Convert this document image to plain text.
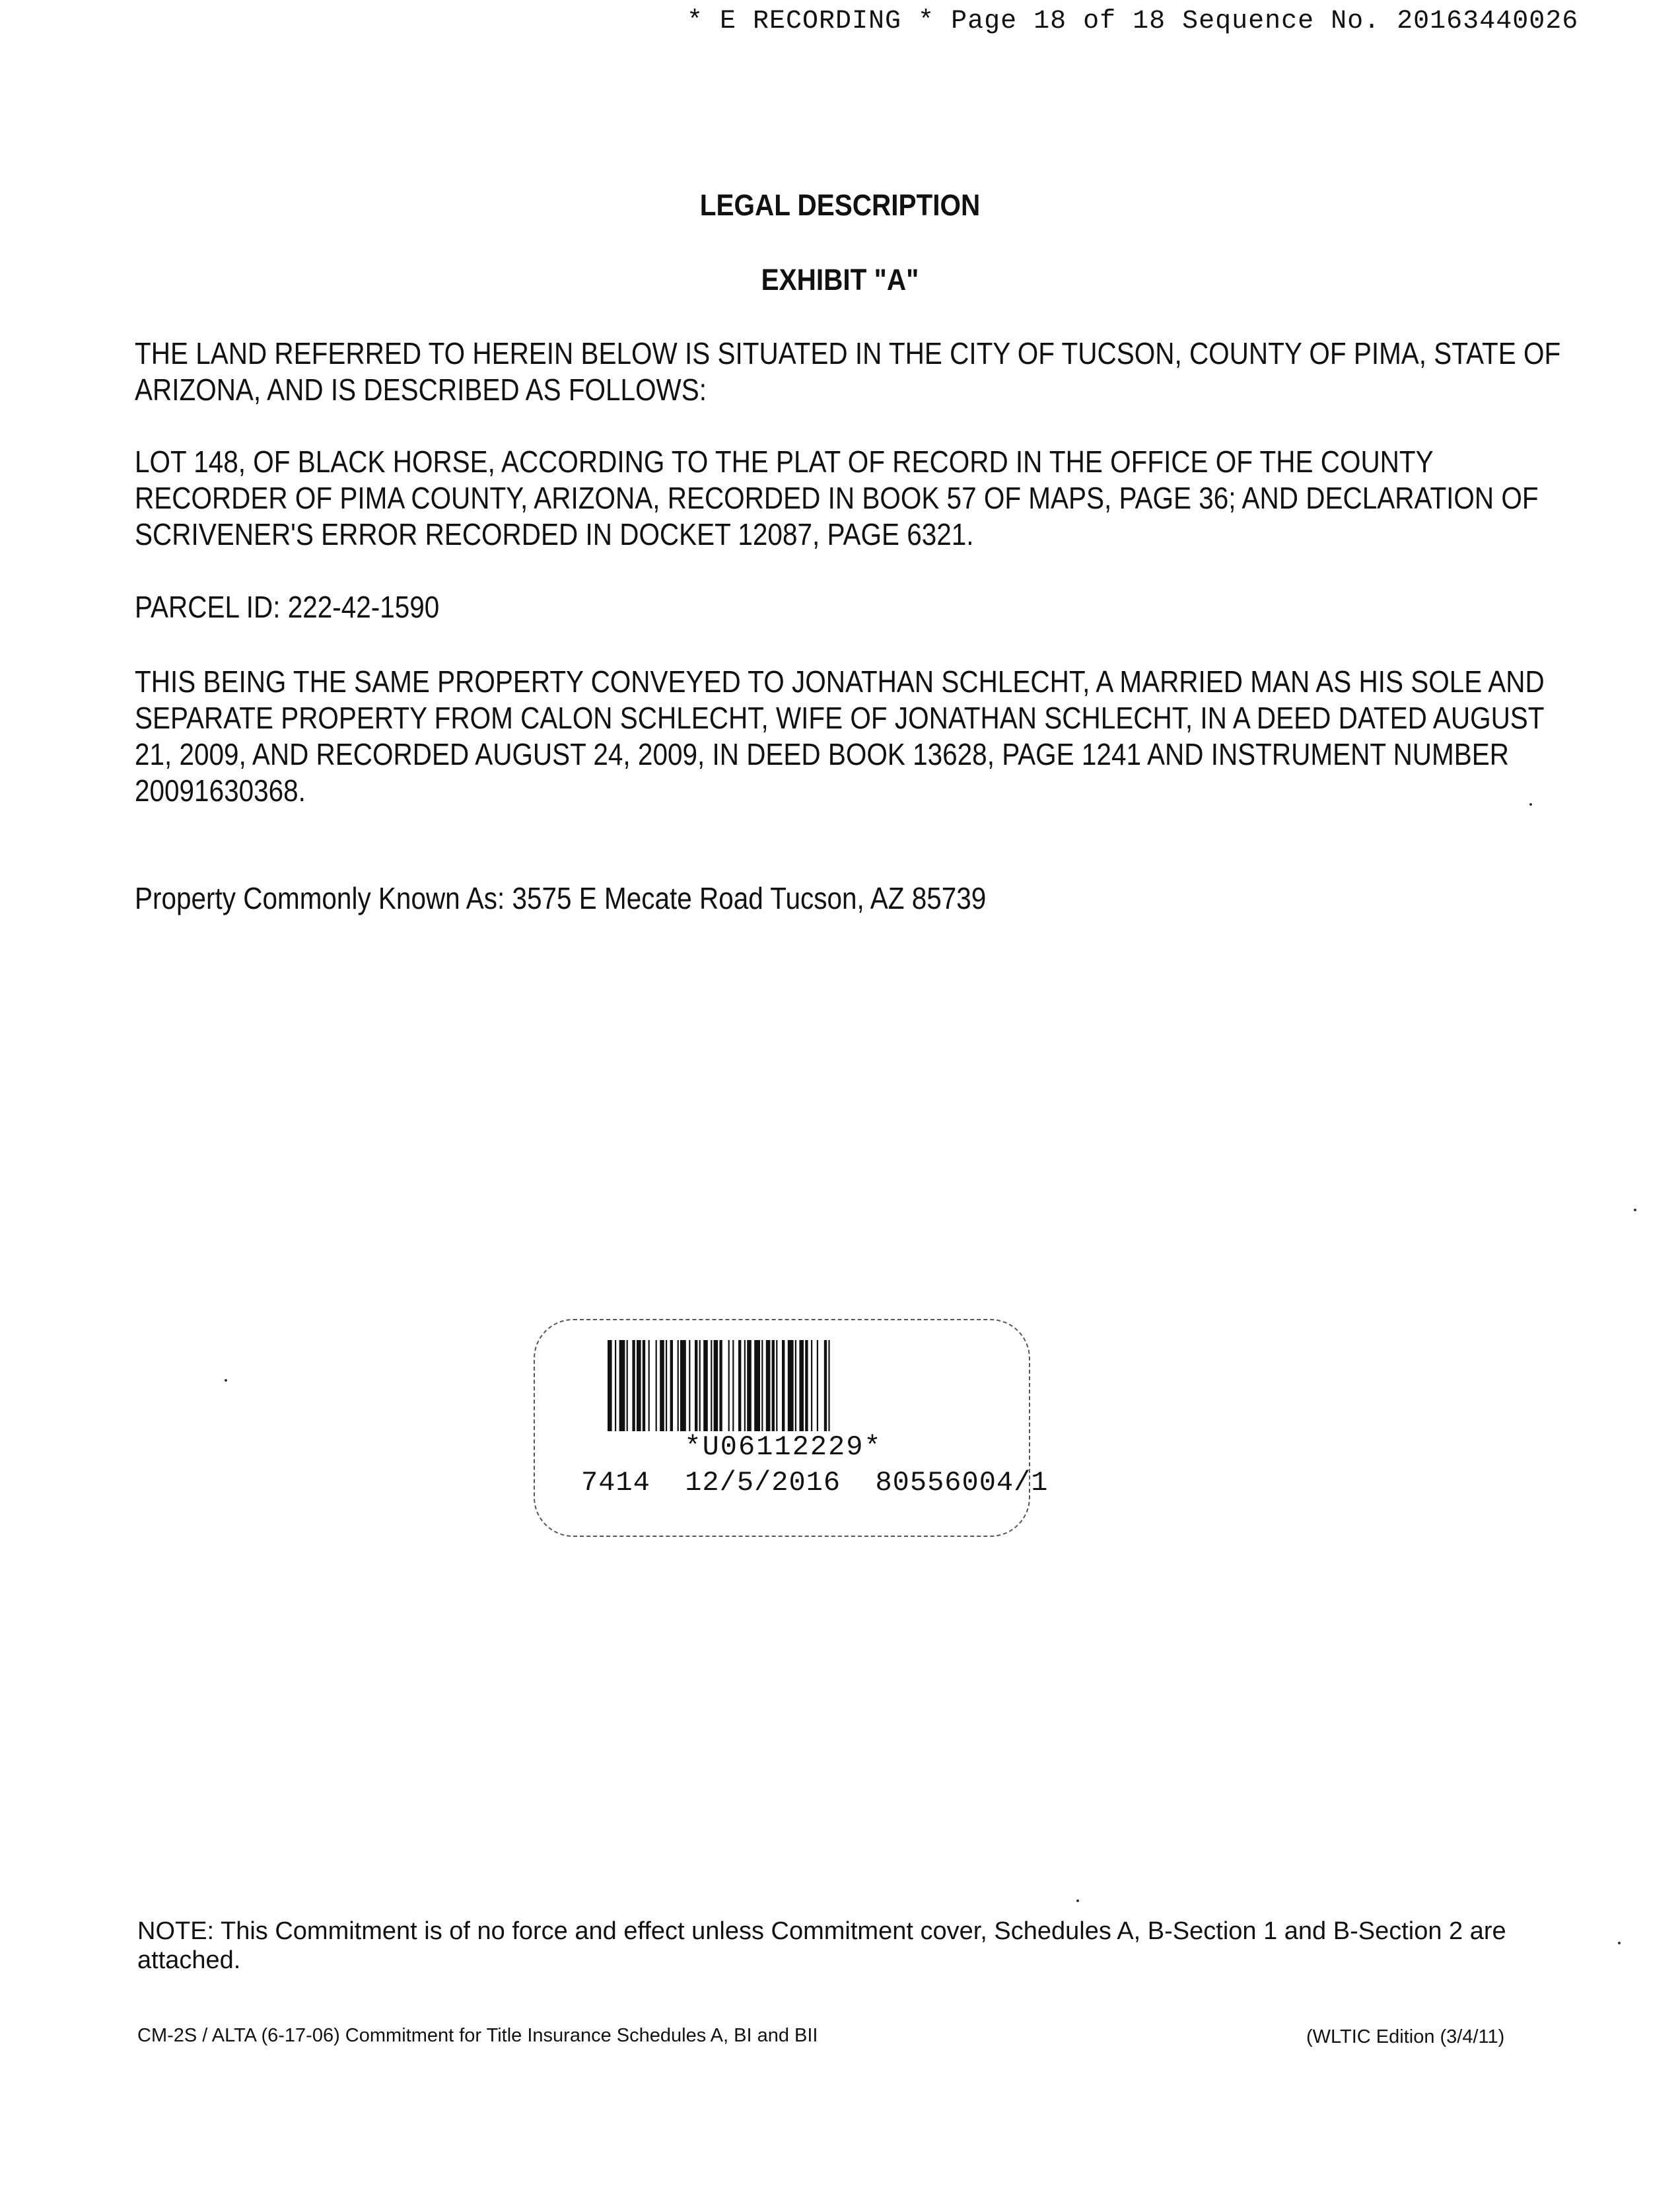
* E RECORDING * Page 18 of 18 Sequence No. 20163440026
LEGAL DESCRIPTION
EXHIBIT "A"

THE LAND REFERRED TO HEREIN BELOW IS SITUATED IN THE CITY OF TUCSON, COUNTY OF PIMA, STATE OF ARIZONA, AND IS DESCRIBED AS FOLLOWS:

LOT 148, OF BLACK HORSE, ACCORDING TO THE PLAT OF RECORD IN THE OFFICE OF THE COUNTY RECORDER OF PIMA COUNTY, ARIZONA, RECORDED IN BOOK 57 OF MAPS, PAGE 36; AND DECLARATION OF SCRIVENER'S ERROR RECORDED IN DOCKET 12087, PAGE 6321.

PARCEL ID: 222-42-1590

THIS BEING THE SAME PROPERTY CONVEYED TO JONATHAN SCHLECHT, A MARRIED MAN AS HIS SOLE AND SEPARATE PROPERTY FROM CALON SCHLECHT, WIFE OF JONATHAN SCHLECHT, IN A DEED DATED AUGUST 21, 2009, AND RECORDED AUGUST 24, 2009, IN DEED BOOK 13628, PAGE 1241 AND INSTRUMENT NUMBER 20091630368.

Property Commonly Known As: 3575 E Mecate Road Tucson, AZ 85739

*U06112229*
7414  12/5/2016  80556004/1
NOTE: This Commitment is of no force and effect unless Commitment cover, Schedules A, B-Section 1 and B-Section 2 are attached.
CM-2S / ALTA (6-17-06) Commitment for Title Insurance Schedules A, BI and BII	(WLTIC Edition (3/4/11)
